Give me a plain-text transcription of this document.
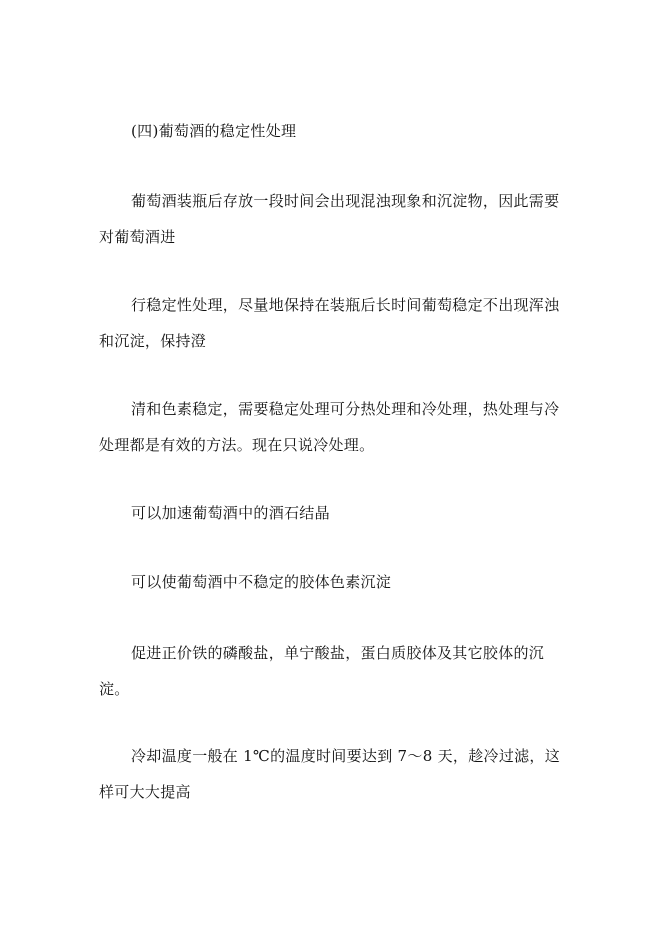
(四)葡萄酒的稳定性处理

葡萄酒装瓶后存放一段时间会出现混浊现象和沉淀物，因此需要对葡萄酒进

行稳定性处理，尽量地保持在装瓶后长时间葡萄稳定不出现浑浊和沉淀，保持澄

清和色素稳定，需要稳定处理可分热处理和冷处理，热处理与冷处理都是有效的方法。现在只说冷处理。

可以加速葡萄酒中的酒石结晶

可以使葡萄酒中不稳定的胶体色素沉淀

促进正价铁的磷酸盐，单宁酸盐，蛋白质胶体及其它胶体的沉淀。

冷却温度一般在 1℃的温度时间要达到 7～8 天，趁冷过滤，这样可大大提高
